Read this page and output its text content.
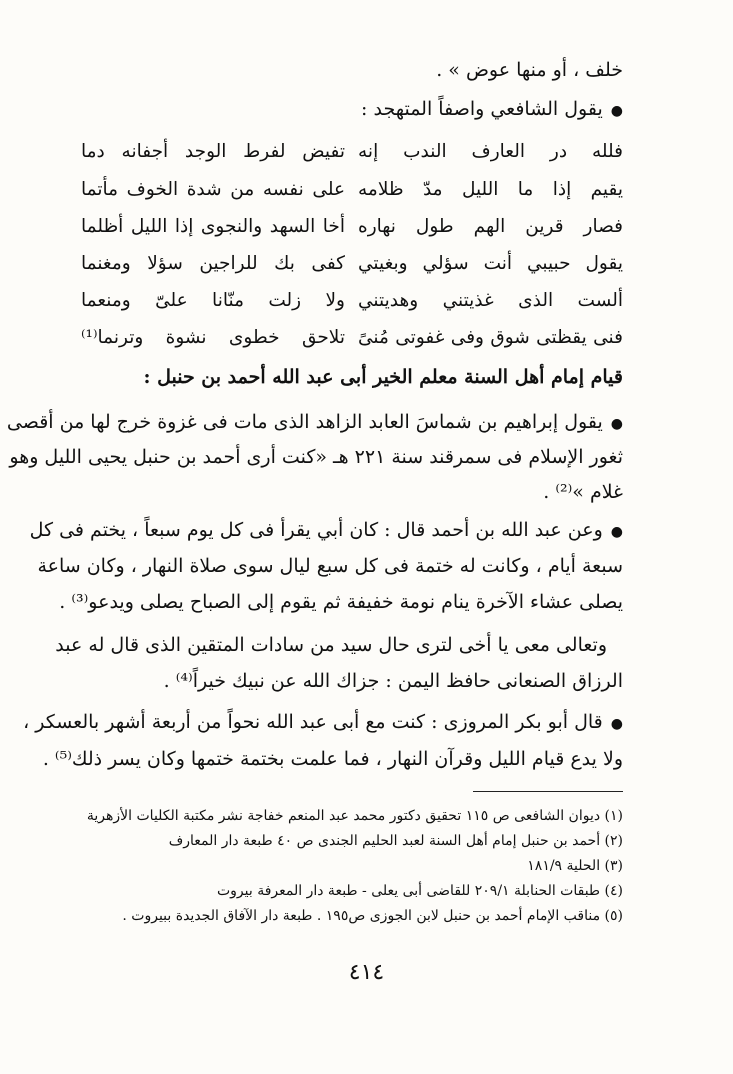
خلف ، أو منها عوض » .
● يقول الشافعي واصفاً المتهجد :
فلله در العارف الندب إنه
يقيم إذا ما الليل مدّ ظلامه
فصار قرين الهم طول نهاره
يقول حبيبي أنت سؤلي وبغيتي
ألست الذى غذيتني وهديتني
فنى يقظتى شوق وفى غفوتى مُنىً
تفيض لفرط الوجد أجفانه دما
على نفسه من شدة الخوف مأتما
أخا السهد والنجوى إذا الليل أظلما
كفى بك للراجين سؤلا ومغنما
ولا زلت منّانا علىّ ومنعما
تلاحق خطوى نشوة وترنما⁽¹⁾
قيام إمام أهل السنة معلم الخير أبى عبد الله أحمد بن حنبل :
● يقول إبراهيم بن شماسَ العابد الزاهد الذى مات فى غزوة خرج لها من أقصى
ثغور الإسلام فى سمرقند سنة ٢٢١ هـ «كنت أرى أحمد بن حنبل يحيى الليل وهو
غلام »⁽²⁾ .
● وعن عبد الله بن أحمد قال : كان أبي يقرأ فى كل يوم سبعاً ، يختم فى كل
سبعة أيام ، وكانت له ختمة فى كل سبع ليال سوى صلاة النهار ، وكان ساعة
يصلى عشاء الآخرة ينام نومة خفيفة ثم يقوم إلى الصباح يصلى ويدعو⁽³⁾ .
وتعالى معى يا أخى لترى حال سيد من سادات المتقين الذى قال له عبد
الرزاق الصنعانى حافظ اليمن : جزاك الله عن نبيك خيراً⁽⁴⁾ .
● قال أبو بكر المروزى : كنت مع أبى عبد الله نحواً من أربعة أشهر بالعسكر ،
ولا يدع قيام الليل وقرآن النهار ، فما علمت بختمة ختمها وكان يسر ذلك⁽⁵⁾ .
(١) ديوان الشافعى ص ١١٥ تحقيق دكتور محمد عبد المنعم خفاجة نشر مكتبة الكليات الأزهرية
(٢) أحمد بن حنبل إمام أهل السنة لعبد الحليم الجندى ص ٤٠ طبعة دار المعارف
(٣) الحلية ١٨١/٩
(٤) طبقات الحنابلة ٢٠٩/١ للقاضى أبى يعلى - طبعة دار المعرفة بيروت
(٥) مناقب الإمام أحمد بن حنبل لابن الجوزى ص١٩٥ . طبعة دار الآفاق الجديدة ببيروت .
٤١٤
